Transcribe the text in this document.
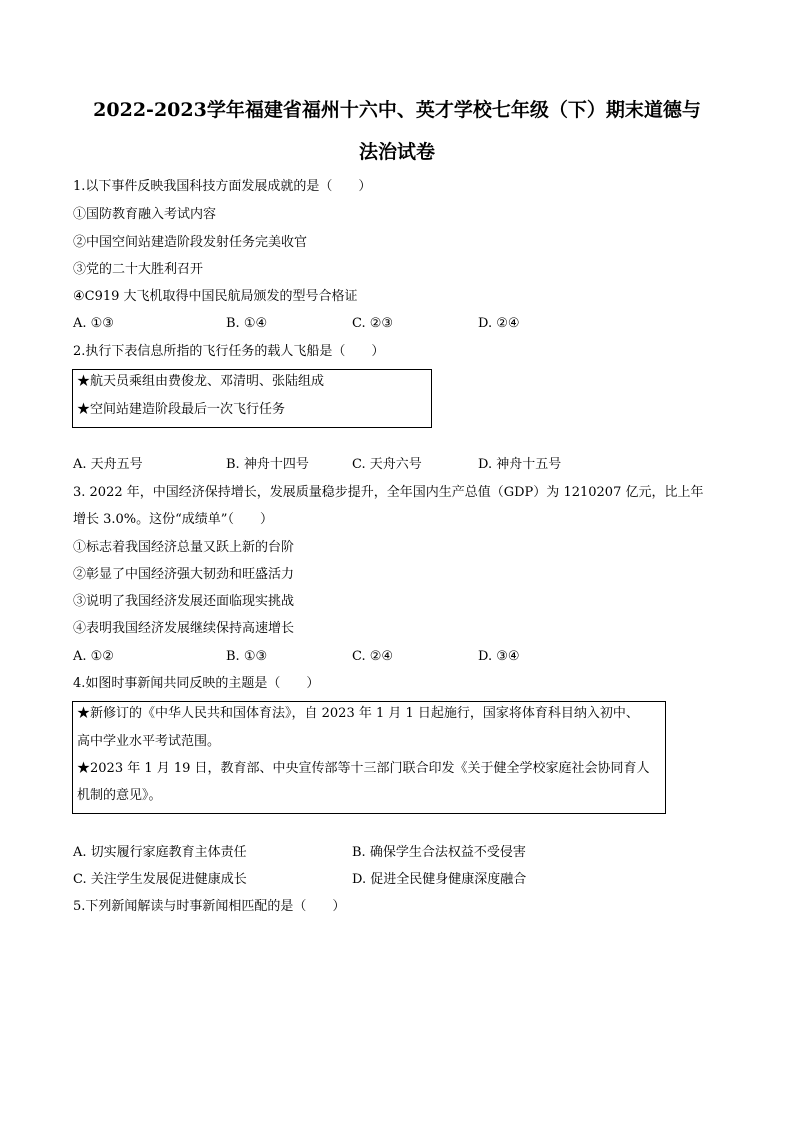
2022-2023学年福建省福州十六中、英才学校七年级（下）期末道德与
法治试卷
1.以下事件反映我国科技方面发展成就的是（　　）
①国防教育融入考试内容
②中国空间站建造阶段发射任务完美收官
③党的二十大胜利召开
④C919 大飞机取得中国民航局颁发的型号合格证
A. ①③	B. ①④	C. ②③	D. ②④
2.执行下表信息所指的飞行任务的载人飞船是（　　）
★航天员乘组由费俊龙、邓清明、张陆组成
★空间站建造阶段最后一次飞行任务
A. 天舟五号	B. 神舟十四号	C. 天舟六号	D. 神舟十五号
3. 2022 年，中国经济保持增长，发展质量稳步提升，全年国内生产总值（GDP）为 1210207 亿元，比上年
增长 3.0%。这份“成绩单”（　　）
①标志着我国经济总量又跃上新的台阶
②彰显了中国经济强大韧劲和旺盛活力
③说明了我国经济发展还面临现实挑战
④表明我国经济发展继续保持高速增长
A. ①②	B. ①③	C. ②④	D. ③④
4.如图时事新闻共同反映的主题是（　　）
★新修订的《中华人民共和国体育法》，自 2023 年 1 月 1 日起施行，国家将体育科目纳入初中、
高中学业水平考试范围。
★2023 年 1 月 19 日，教育部、中央宣传部等十三部门联合印发《关于健全学校家庭社会协同育人
机制的意见》。
A. 切实履行家庭教育主体责任	B. 确保学生合法权益不受侵害
C. 关注学生发展促进健康成长	D. 促进全民健身健康深度融合
5.下列新闻解读与时事新闻相匹配的是（　　）
